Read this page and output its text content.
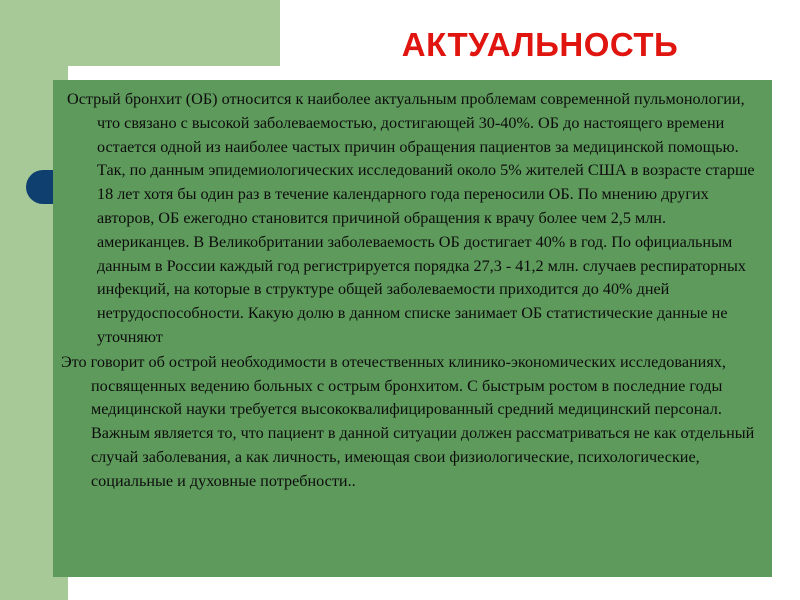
АКТУАЛЬНОСТЬ

Острый бронхит (ОБ) относится к наиболее актуальным проблемам современной пульмонологии, что связано с высокой заболеваемостью, достигающей 30-40%. ОБ до настоящего времени остается одной из наиболее частых причин обращения пациентов за медицинской помощью. Так, по данным эпидемиологических исследований около 5% жителей США в возрасте старше 18 лет хотя бы один раз в течение календарного года переносили ОБ. По мнению других авторов, ОБ ежегодно становится причиной обращения к врачу более чем 2,5 млн. американцев. В Великобритании заболеваемость ОБ достигает 40% в год. По официальным данным в России каждый год регистрируется порядка 27,3 - 41,2 млн. случаев респираторных инфекций, на которые в структуре общей заболеваемости приходится до 40% дней нетрудоспособности. Какую долю в данном списке занимает ОБ статистические данные не уточняют

Это говорит об острой необходимости в отечественных клинико-экономических исследованиях, посвященных ведению больных с острым бронхитом. С быстрым ростом в последние годы медицинской науки требуется высококвалифицированный средний медицинский персонал. Важным является то, что пациент в данной ситуации должен рассматриваться не как отдельный случай заболевания, а как личность, имеющая свои физиологические, психологические, социальные и духовные потребности..
